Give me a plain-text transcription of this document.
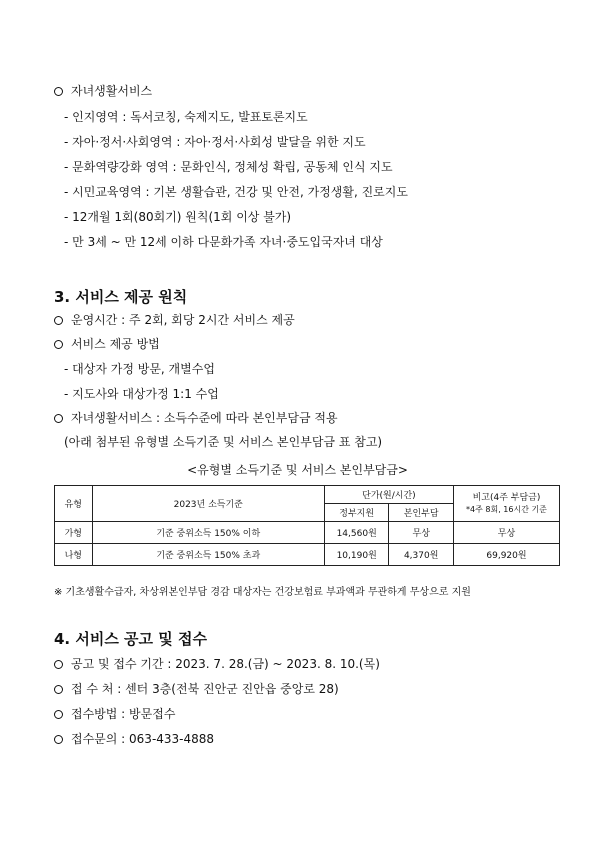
자녀생활서비스
- 인지영역 : 독서코칭, 숙제지도, 발표토론지도
- 자아·정서·사회영역 : 자아·정서·사회성 발달을 위한 지도
- 문화역량강화 영역 : 문화인식, 정체성 확립, 공동체 인식 지도
- 시민교육영역 : 기본 생활습관, 건강 및 안전, 가정생활, 진로지도
- 12개월 1회(80회기) 원칙(1회 이상 불가)
- 만 3세 ~ 만 12세 이하 다문화가족 자녀·중도입국자녀 대상
3. 서비스 제공 원칙
운영시간 : 주 2회, 회당 2시간 서비스 제공
서비스 제공 방법
- 대상자 가정 방문, 개별수업
- 지도사와 대상가정 1:1 수업
자녀생활서비스 : 소득수준에 따라 본인부담금 적용
(아래 첨부된 유형별 소득기준 및 서비스 본인부담금 표 참고)
<유형별 소득기준 및 서비스 본인부담금>
유형	2023년 소득기준	단가(원/시간)		비고(4주 부담금)
*4주 8회, 16시간 기준

		정부지원	본인부담	
가형	기준 중위소득 150% 이하	14,560원	무상	무상
나형	기준 중위소득 150% 초과	10,190원	4,370원	69,920원
※ 기초생활수급자, 차상위본인부담 경감 대상자는 건강보험료 부과액과 무관하게 무상으로 지원
4. 서비스 공고 및 접수
공고 및 접수 기간 : 2023. 7. 28.(금) ~ 2023. 8. 10.(목)
접 수 처 : 센터 3층(전북 진안군 진안읍 중앙로 28)
접수방법 : 방문접수
접수문의 : 063-433-4888
